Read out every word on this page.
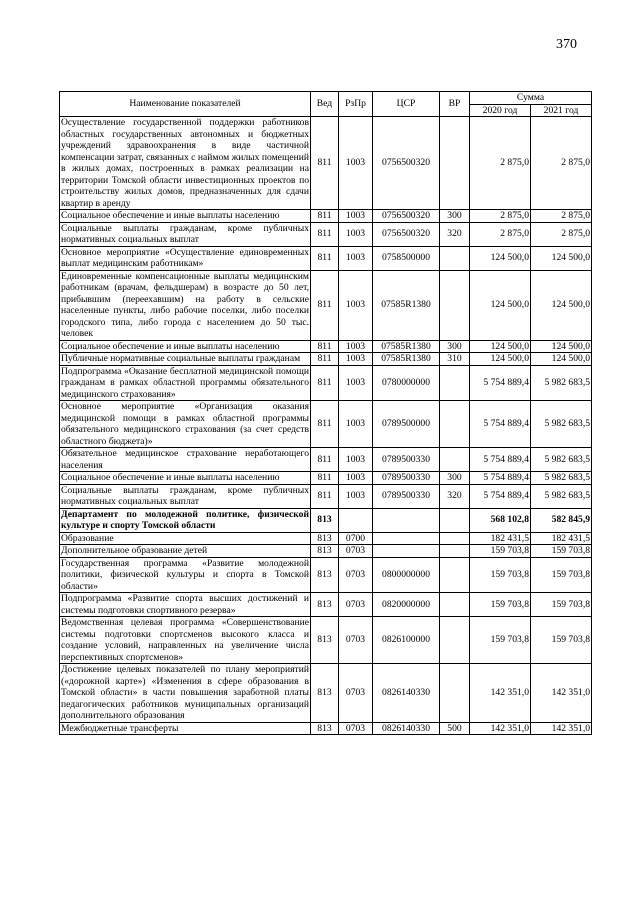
370
Наименование показателей	Вед	РзПр	ЦСР	ВР	Сумма	
					2020 год	2021 год
Осуществление государственной поддержки работников областных государственных автономных и бюджетных учреждений здравоохранения в виде частичной компенсации затрат, связанных с наймом жилых помещений в жилых домах, построенных в рамках реализации на территории Томской области инвестиционных проектов по строительству жилых домов, предназначенных для сдачи квартир в аренду	811	1003	0756500320		2 875,0	2 875,0
Социальное обеспечение и иные выплаты населению	811	1003	0756500320	300	2 875,0	2 875,0
Социальные выплаты гражданам, кроме публичных нормативных социальных выплат	811	1003	0756500320	320	2 875,0	2 875,0
Основное мероприятие «Осуществление единовременных выплат медицинским работникам»	811	1003	0758500000		124 500,0	124 500,0
Единовременные компенсационные выплаты медицинским работникам (врачам, фельдшерам) в возрасте до 50 лет, прибывшим (переехавшим) на работу в сельские населенные пункты, либо рабочие поселки, либо поселки городского типа, либо города с населением до 50 тыс. человек	811	1003	07585R1380		124 500,0	124 500,0
Социальное обеспечение и иные выплаты населению	811	1003	07585R1380	300	124 500,0	124 500,0
Публичные нормативные социальные выплаты гражданам	811	1003	07585R1380	310	124 500,0	124 500,0
Подпрограмма «Оказание бесплатной медицинской помощи гражданам в рамках областной программы обязательного медицинского страхования»	811	1003	0780000000		5 754 889,4	5 982 683,5
Основное мероприятие «Организация оказания медицинской помощи в рамках областной программы обязательного медицинского страхования (за счет средств областного бюджета)»	811	1003	0789500000		5 754 889,4	5 982 683,5
Обязательное медицинское страхование неработающего населения	811	1003	0789500330		5 754 889,4	5 982 683,5
Социальное обеспечение и иные выплаты населению	811	1003	0789500330	300	5 754 889,4	5 982 683,5
Социальные выплаты гражданам, кроме публичных нормативных социальных выплат	811	1003	0789500330	320	5 754 889,4	5 982 683,5
Департамент по молодежной политике, физической культуре и спорту Томской области	813				568 102,8	582 845,9
Образование	813	0700			182 431,5	182 431,5
Дополнительное образование детей	813	0703			159 703,8	159 703,8
Государственная программа «Развитие молодежной политики, физической культуры и спорта в Томской области»	813	0703	0800000000		159 703,8	159 703,8
Подпрограмма «Развитие спорта высших достижений и системы подготовки спортивного резерва»	813	0703	0820000000		159 703,8	159 703,8
Ведомственная целевая программа «Совершенствование системы подготовки спортсменов высокого класса и создание условий, направленных на увеличение числа перспективных спортсменов»	813	0703	0826100000		159 703,8	159 703,8
Достижение целевых показателей по плану мероприятий («дорожной карте») «Изменения в сфере образования в Томской области» в части повышения заработной платы педагогических работников муниципальных организаций дополнительного образования	813	0703	0826140330		142 351,0	142 351,0
Межбюджетные трансферты	813	0703	0826140330	500	142 351,0	142 351,0
